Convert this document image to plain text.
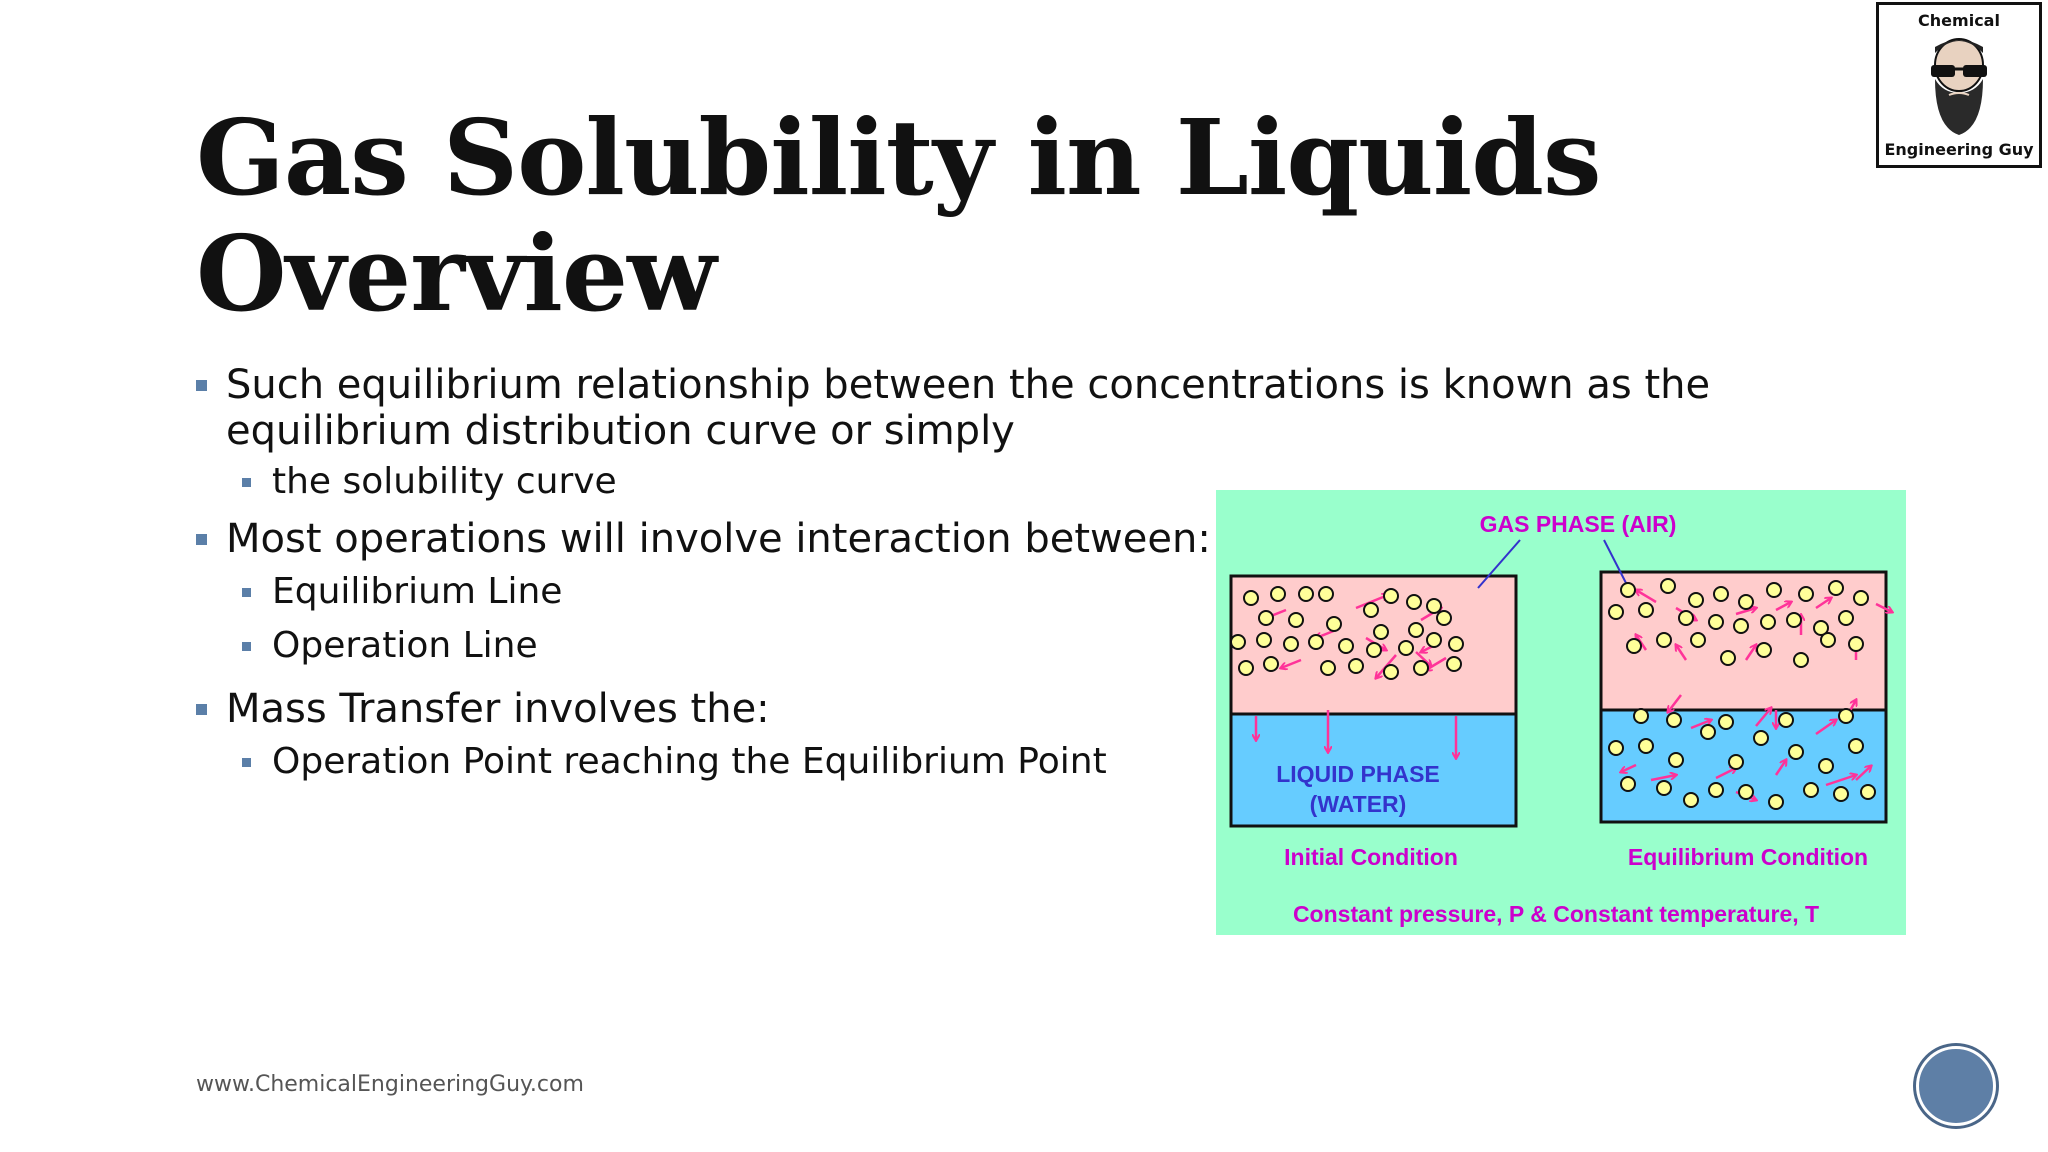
Gas Solubility in Liquids
Overview
Such equilibrium relationship between the concentrations is known as the equilibrium distribution curve or simply
the solubility curve
Most operations will involve interaction between:
Equilibrium Line
Operation Line
Mass Transfer involves the:
Operation Point reaching the Equilibrium Point
GAS PHASE (AIR)
LIQUID PHASE
(WATER)
Initial Condition	Equilibrium Condition
Constant pressure, P & Constant temperature, T
www.ChemicalEngineeringGuy.com
Chemical
Engineering Guy
